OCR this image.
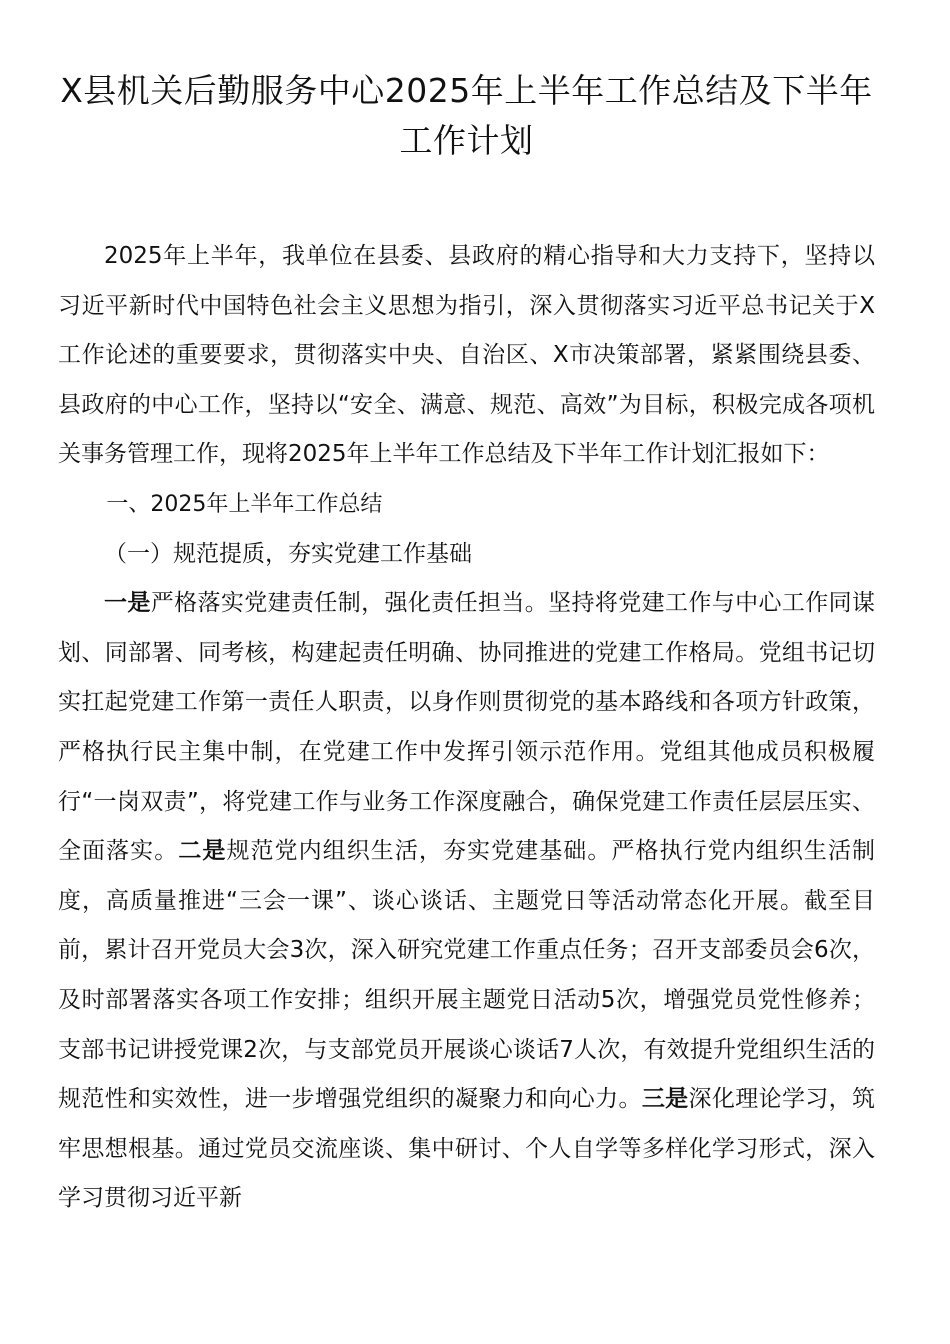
X县机关后勤服务中心2025年上半年工作总结及下半年工作计划

2025年上半年，我单位在县委、县政府的精心指导和大力支持下，坚持以习近平新时代中国特色社会主义思想为指引，深入贯彻落实习近平总书记关于X工作论述的重要要求，贯彻落实中央、自治区、X市决策部署，紧紧围绕县委、县政府的中心工作，坚持以“安全、满意、规范、高效”为目标，积极完成各项机关事务管理工作，现将2025年上半年工作总结及下半年工作计划汇报如下：

一、2025年上半年工作总结

（一）规范提质，夯实党建工作基础

一是严格落实党建责任制，强化责任担当。坚持将党建工作与中心工作同谋划、同部署、同考核，构建起责任明确、协同推进的党建工作格局。党组书记切实扛起党建工作第一责任人职责，以身作则贯彻党的基本路线和各项方针政策，严格执行民主集中制，在党建工作中发挥引领示范作用。党组其他成员积极履行“一岗双责”，将党建工作与业务工作深度融合，确保党建工作责任层层压实、全面落实。二是规范党内组织生活，夯实党建基础。严格执行党内组织生活制度，高质量推进“三会一课”、谈心谈话、主题党日等活动常态化开展。截至目前，累计召开党员大会3次，深入研究党建工作重点任务；召开支部委员会6次，及时部署落实各项工作安排；组织开展主题党日活动5次，增强党员党性修养；支部书记讲授党课2次，与支部党员开展谈心谈话7人次，有效提升党组织生活的规范性和实效性，进一步增强党组织的凝聚力和向心力。三是深化理论学习，筑牢思想根基。通过党员交流座谈、集中研讨、个人自学等多样化学习形式，深入学习贯彻习近平新
